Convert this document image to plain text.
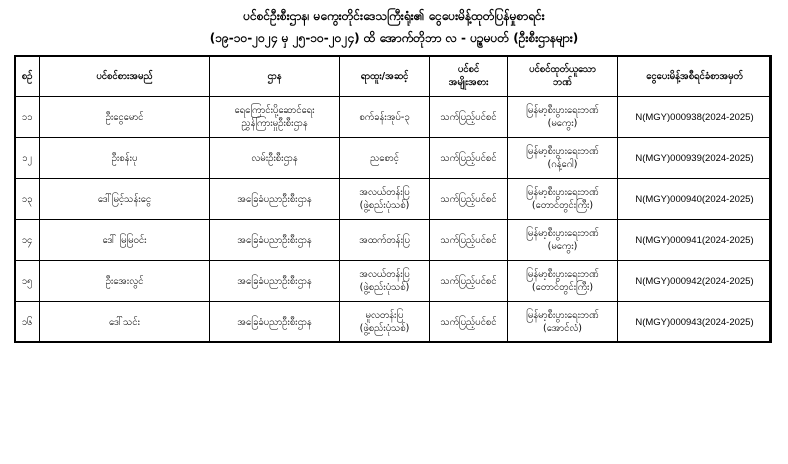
ပင်စင်ဦးစီးဌာန၊ မကွေးတိုင်းဒေသကြီးရုံး၏ ငွေပေးမိန့်ထုတ်ပြန်မှုစာရင်း
(၁၉-၁၀-၂၀၂၄ မှ ၂၅-၁၀-၂၀၂၄) ထိ အောက်တိုဘာ လ - ပဉ္စမပတ် (ဦးစီးဌာနများ)
စဉ်	ပင်စင်စားအမည်	ဌာန	ရာထူး/အဆင့်	ပင်စင်
အမျိုးအစား	ပင်စင်ထုတ်ယူသော
ဘဏ်	ငွေပေးမိန့်အစီရင်ခံစာအမှတ်
၁၁	ဦးငွေမောင်	ရေကြောင်းပို့ဆောင်ရေး
ညွှန်ကြားမှုဦးစီးဌာန	စက်ခန်းအုပ်-၃	သက်ပြည့်ပင်စင်	မြန်မာ့စီးပွားရေးဘဏ်
(မကွေး)	N(MGY)000938(2024-2025)
၁၂	ဦးစန်းပု	လမ်းဦးစီးဌာန	ညစောင့်	သက်ပြည့်ပင်စင်	မြန်မာ့စီးပွားရေးဘဏ်
(ဂန့်ဂေါ)	N(MGY)000939(2024-2025)
၁၃	ဒေါ်မြင့်သန်းငွေ	အခြေခံပညာဦးစီးဌာန	အလယ်တန်းပြ
(ဖွဲ့စည်းပုံသစ်)	သက်ပြည့်ပင်စင်	မြန်မာ့စီးပွားရေးဘဏ်
(တောင်တွင်းကြီး)	N(MGY)000940(2024-2025)
၁၄	ဒေါ် မြမြဝင်း	အခြေခံပညာဦးစီးဌာန	အထက်တန်းပြ	သက်ပြည့်ပင်စင်	မြန်မာ့စီးပွားရေးဘဏ်
(မကွေး)	N(MGY)000941(2024-2025)
၁၅	ဦးအေးလွင်	အခြေခံပညာဦးစီးဌာန	အလယ်တန်းပြ
(ဖွဲ့စည်းပုံသစ်)	သက်ပြည့်ပင်စင်	မြန်မာ့စီးပွားရေးဘဏ်
(တောင်တွင်းကြီး)	N(MGY)000942(2024-2025)
၁၆	ဒေါ်သင်း	အခြေခံပညာဦးစီးဌာန	မူလတန်းပြ
(ဖွဲ့စည်းပုံသစ်)	သက်ပြည့်ပင်စင်	မြန်မာ့စီးပွားရေးဘဏ်
(အောင်လံ)	N(MGY)000943(2024-2025)
